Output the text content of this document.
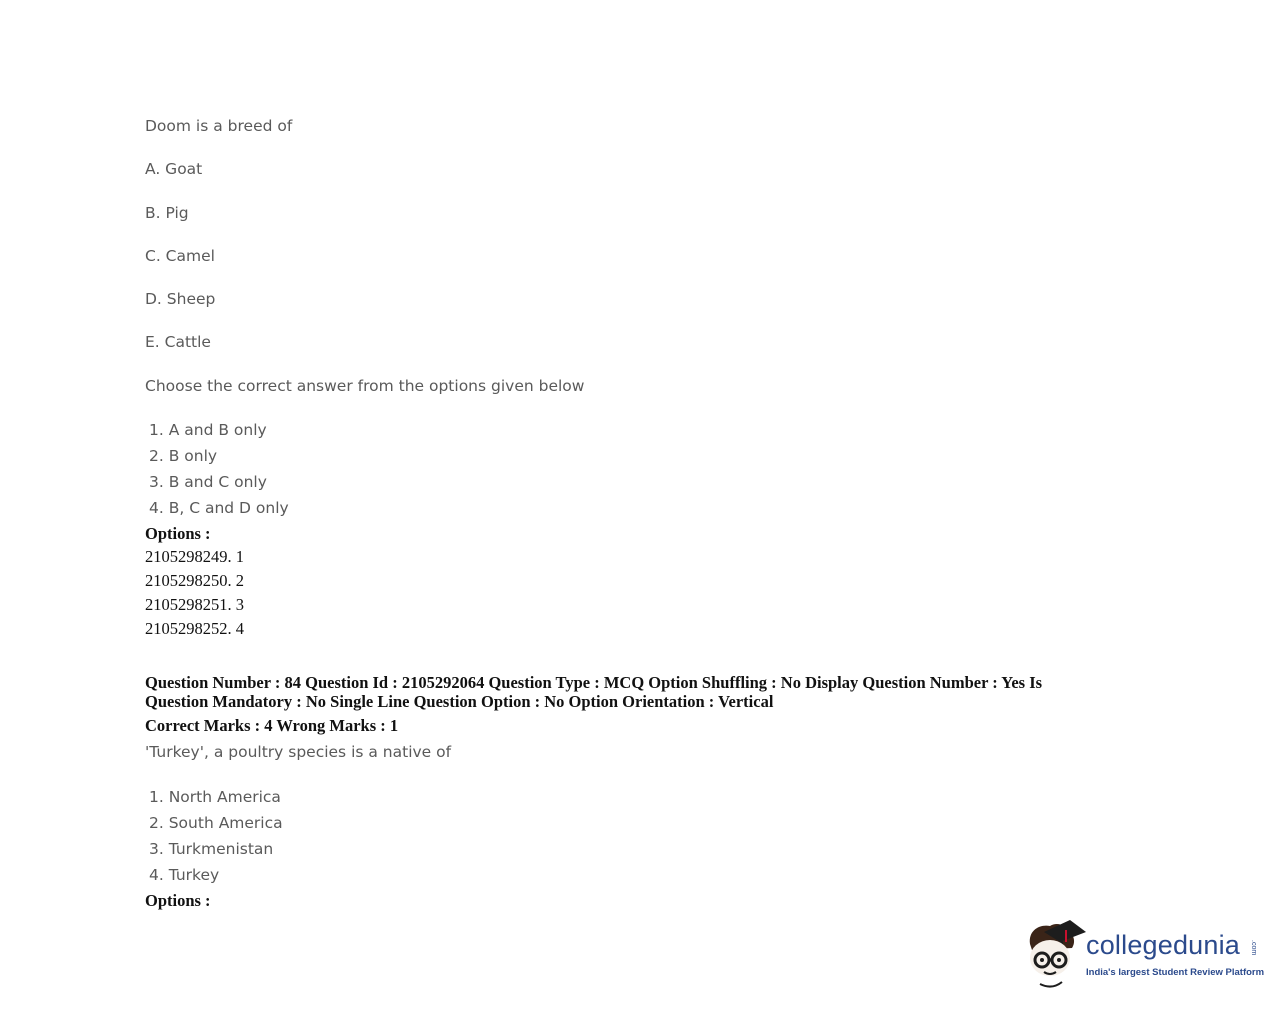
Doom is a breed of
A. Goat
B. Pig
C. Camel
D. Sheep
E. Cattle
Choose the correct answer from the options given below
1. A and B only
2. B only
3. B and C only
4. B, C and D only
Options :
2105298249. 1
2105298250. 2
2105298251. 3
2105298252. 4
Question Number : 84 Question Id : 2105292064 Question Type : MCQ Option Shuffling : No Display Question Number : Yes Is
Question Mandatory : No Single Line Question Option : No Option Orientation : Vertical
Correct Marks : 4 Wrong Marks : 1
'Turkey', a poultry species is a native of
1. North America
2. South America
3. Turkmenistan
4. Turkey
Options :
collegedunia .com
India's largest Student Review Platform
